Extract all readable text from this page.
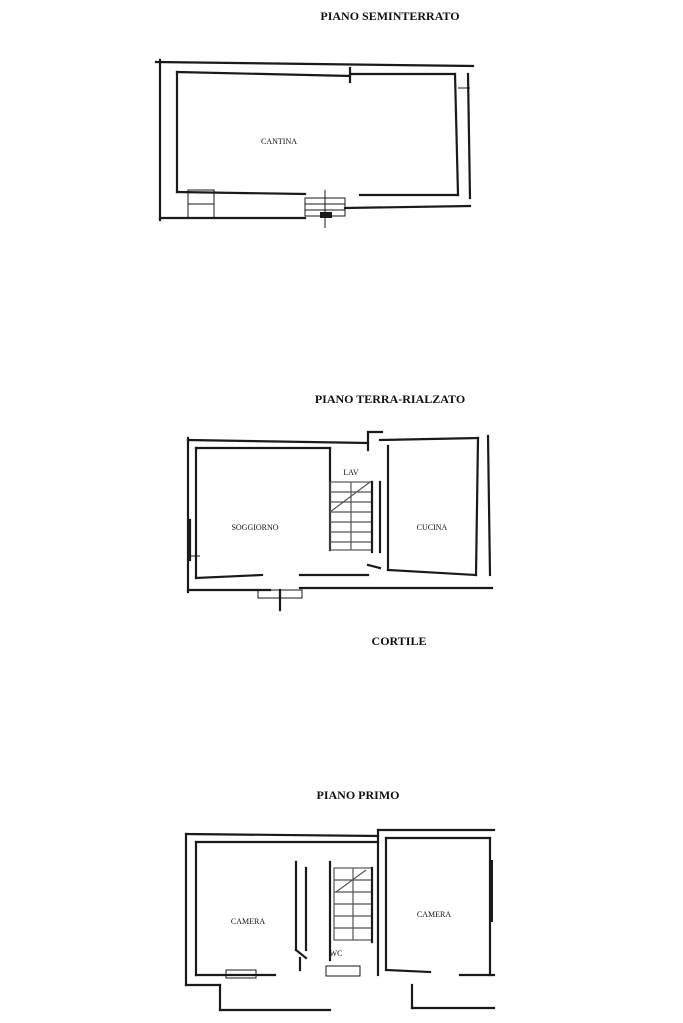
PIANO SEMINTERRATO
CANTINA
PIANO TERRA-RIALZATO
LAV
SOGGIORNO	CUCINA
CORTILE
PIANO PRIMO
CAMERA
CAMERA
WC
